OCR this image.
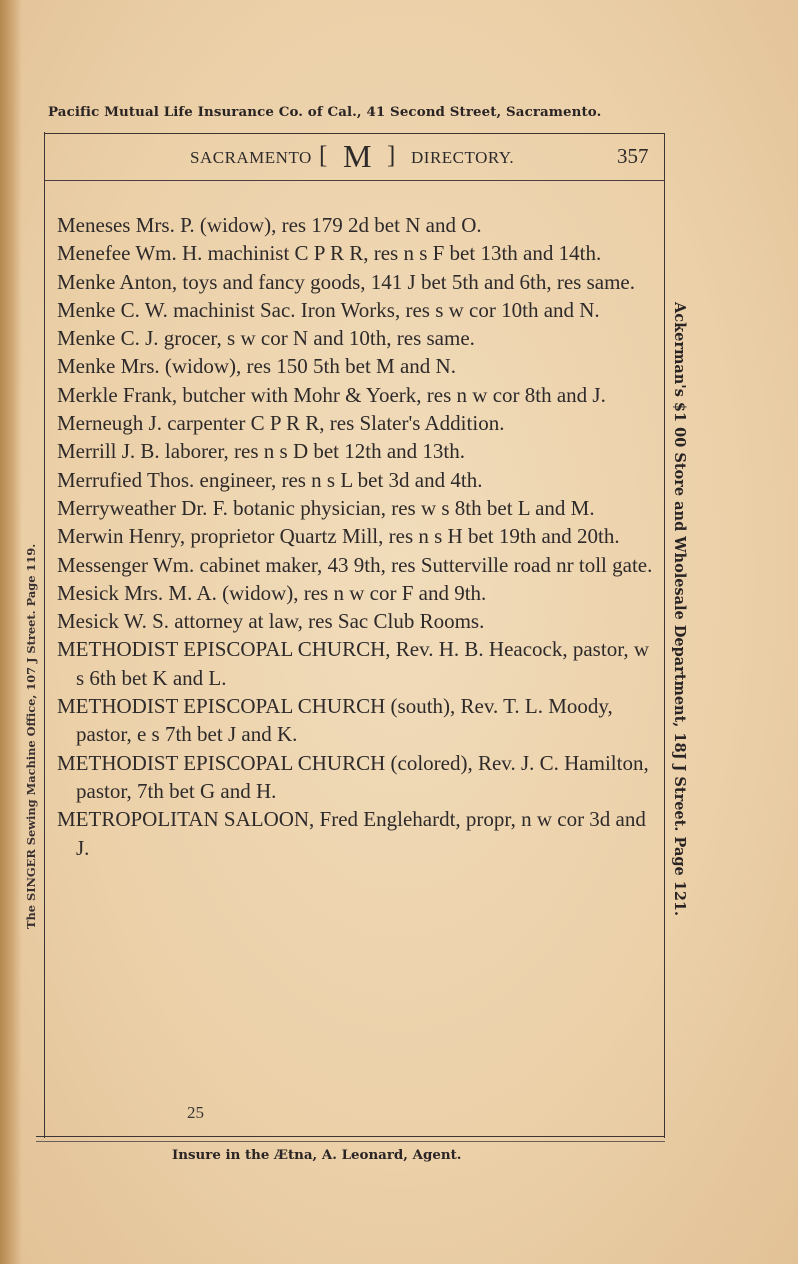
Pacific Mutual Life Insurance Co. of Cal., 41 Second Street, Sacramento.
The SINGER Sewing Machine Office, 107 J Street. Page 119.	Ackerman's $1 00 Store and Wholesale Department, 18J J Street. Page 121.
SACRAMENTO [ M ] DIRECTORY.	357

Meneses Mrs. P. (widow), res 179 2d bet N and O.

Menefee Wm. H. machinist C P R R, res n s F bet 13th and 14th.

Menke Anton, toys and fancy goods, 141 J bet 5th and 6th, res same.

Menke C. W. machinist Sac. Iron Works, res s w cor 10th and N.

Menke C. J. grocer, s w cor N and 10th, res same.

Menke Mrs. (widow), res 150 5th bet M and N.

Merkle Frank, butcher with Mohr & Yoerk, res n w cor 8th and J.

Merneugh J. carpenter C P R R, res Slater's Addition.

Merrill J. B. laborer, res n s D bet 12th and 13th.

Merrufied Thos. engineer, res n s L bet 3d and 4th.

Merryweather Dr. F. botanic physician, res w s 8th bet L and M.

Merwin Henry, proprietor Quartz Mill, res n s H bet 19th and 20th.

Messenger Wm. cabinet maker, 43 9th, res Sutterville road nr toll gate.

Mesick Mrs. M. A. (widow), res n w cor F and 9th.

Mesick W. S. attorney at law, res Sac Club Rooms.

METHODIST EPISCOPAL CHURCH, Rev. H. B. Heacock, pastor, w s 6th bet K and L.

METHODIST EPISCOPAL CHURCH (south), Rev. T. L. Moody, pastor, e s 7th bet J and K.

METHODIST EPISCOPAL CHURCH (colored), Rev. J. C. Hamilton, pastor, 7th bet G and H.

METROPOLITAN SALOON, Fred Englehardt, propr, n w cor 3d and J.

25
Insure in the Ætna, A. Leonard, Agent.
